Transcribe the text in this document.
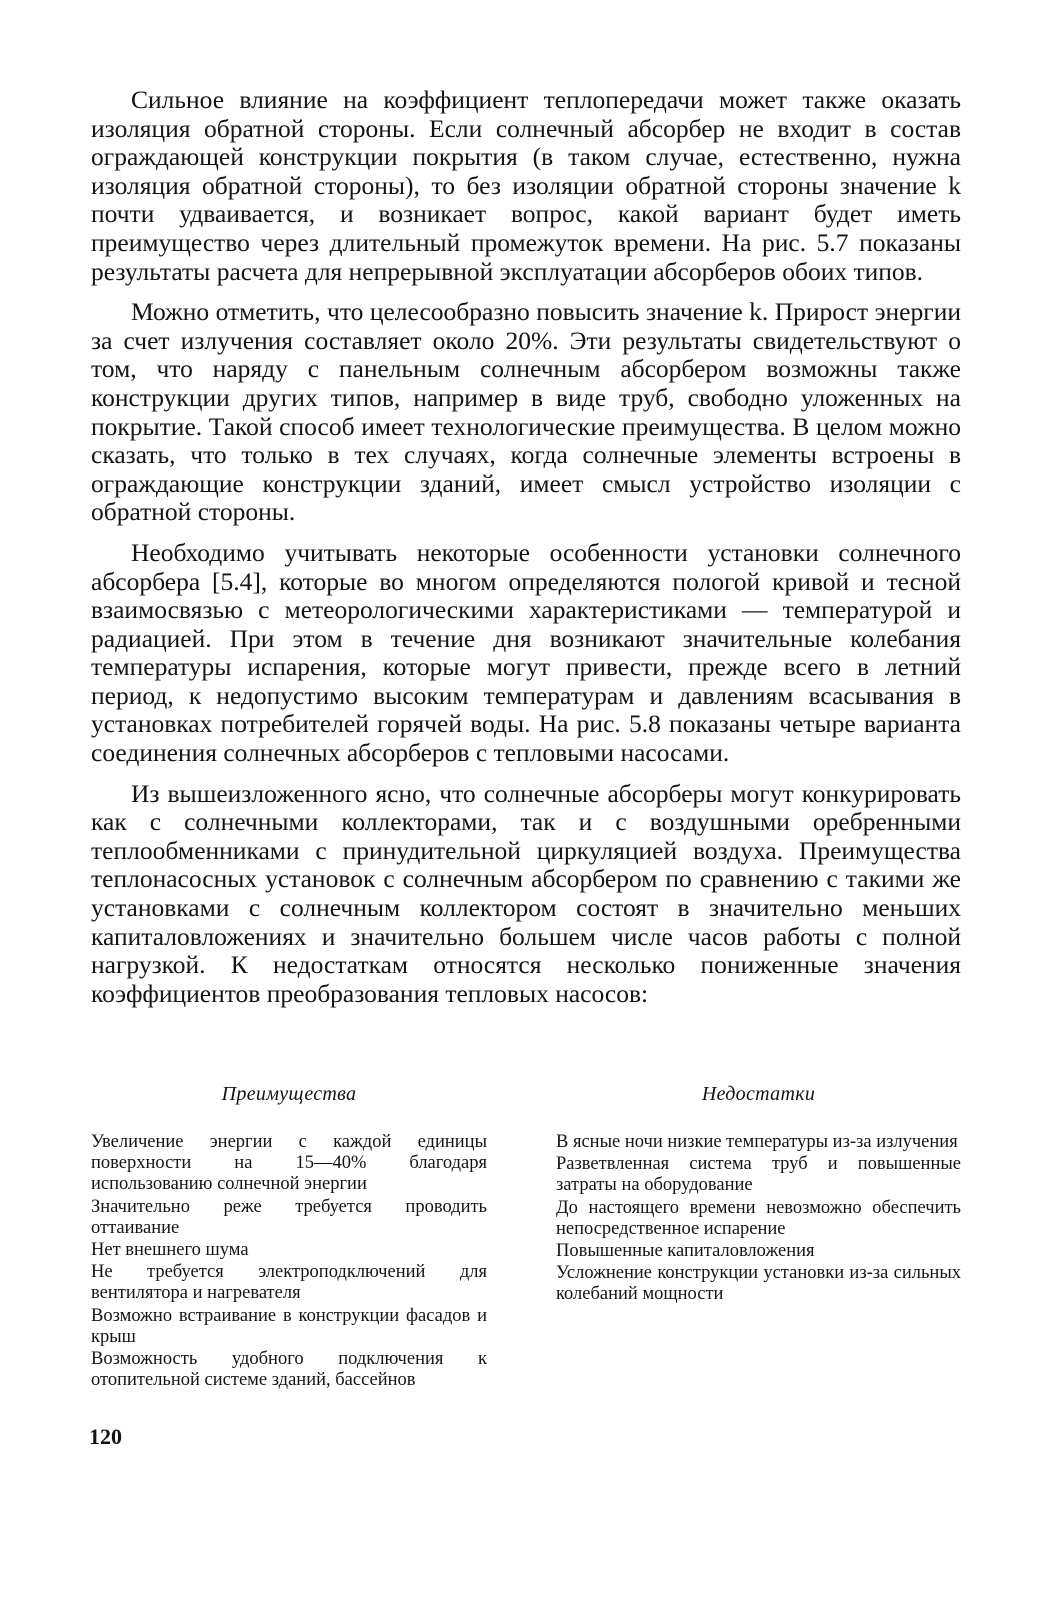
Сильное влияние на коэффициент теплопередачи может также оказать изоляция обратной стороны. Если солнечный абсорбер не входит в состав ограждающей конструкции покрытия (в таком случае, естественно, нужна изоляция обратной стороны), то без изоляции обратной стороны значение k почти удваивается, и возникает вопрос, какой вариант будет иметь преимущество через длительный промежуток времени. На рис. 5.7 показаны результаты расчета для непрерывной эксплуатации абсорберов обоих типов.

Можно отметить, что целесообразно повысить значение k. Прирост энергии за счет излучения составляет около 20%. Эти результаты свидетельствуют о том, что наряду с панельным солнечным абсорбером возможны также конструкции других типов, например в виде труб, свободно уложенных на покрытие. Такой способ имеет технологические преимущества. В целом можно сказать, что только в тех случаях, когда солнечные элементы встроены в ограждающие конструкции зданий, имеет смысл устройство изоляции с обратной стороны.

Необходимо учитывать некоторые особенности установки солнечного абсорбера [5.4], которые во многом определяются пологой кривой и тесной взаимосвязью с метеорологическими характеристиками — температурой и радиацией. При этом в течение дня возникают значительные колебания температуры испарения, которые могут привести, прежде всего в летний период, к недопустимо высоким температурам и давлениям всасывания в установках потребителей горячей воды. На рис. 5.8 показаны четыре варианта соединения солнечных абсорберов с тепловыми насосами.

Из вышеизложенного ясно, что солнечные абсорберы могут конкурировать как с солнечными коллекторами, так и с воздушными оребренными теплообменниками с принудительной циркуляцией воздуха. Преимущества теплонасосных установок с солнечным абсорбером по сравнению с такими же установками с солнечным коллектором состоят в значительно меньших капиталовложениях и значительно большем числе часов работы с полной нагрузкой. К недостаткам относятся несколько пониженные значения коэффициентов преобразования тепловых насосов:

Преимущества
Увеличение энергии с каждой единицы поверхности на 15—40% благодаря использованию солнечной энергии
Значительно реже требуется проводить оттаивание
Нет внешнего шума
Не требуется электроподключений для вентилятора и нагревателя
Возможно встраивание в конструкции фасадов и крыш
Возможность удобного подключения к отопительной системе зданий, бассейнов
Недостатки
В ясные ночи низкие температуры из-за излучения
Разветвленная система труб и повышенные затраты на оборудование
До настоящего времени невозможно обеспечить непосредственное испарение
Повышенные капиталовложения
Усложнение конструкции установки из-за сильных колебаний мощности
120
